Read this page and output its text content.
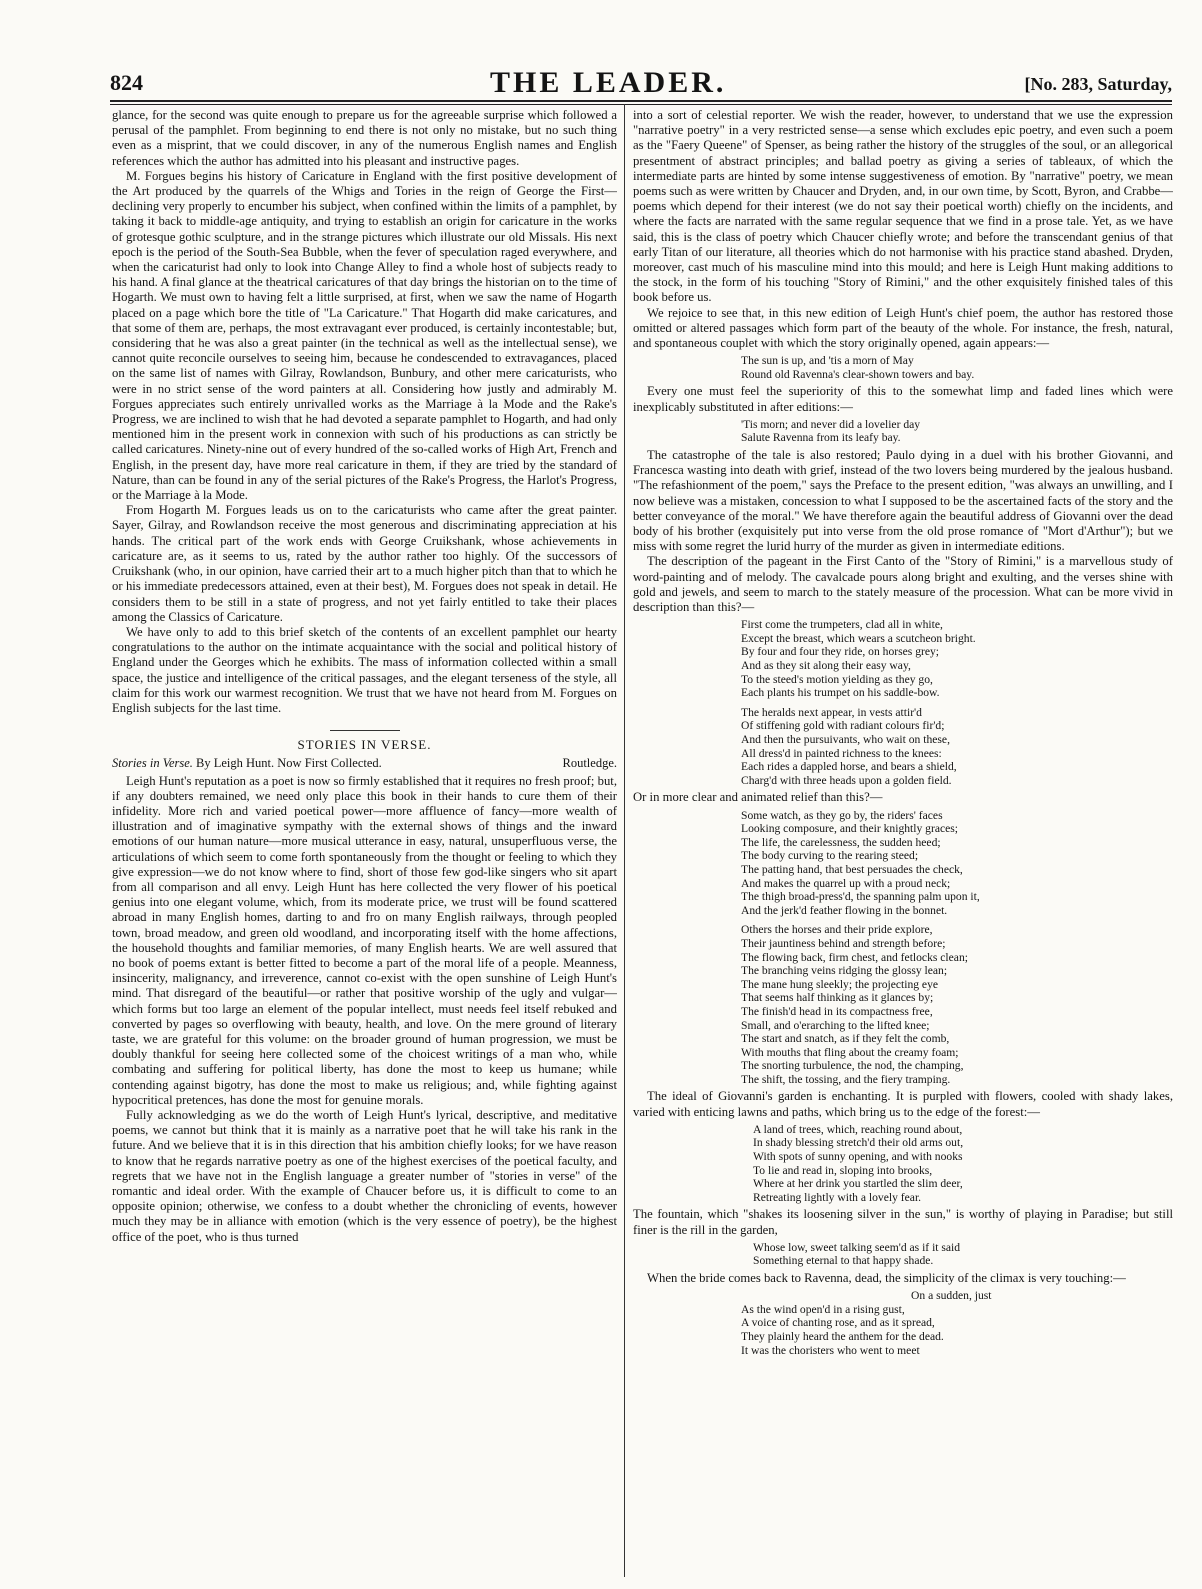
824	THE LEADER.	[No. 283, Saturday,

glance, for the second was quite enough to prepare us for the agreeable surprise which followed a perusal of the pamphlet. From beginning to end there is not only no mistake, but no such thing even as a misprint, that we could discover, in any of the numerous English names and English references which the author has admitted into his pleasant and instructive pages.

M. Forgues begins his history of Caricature in England with the first positive development of the Art produced by the quarrels of the Whigs and Tories in the reign of George the First—declining very properly to encumber his subject, when confined within the limits of a pamphlet, by taking it back to middle-age antiquity, and trying to establish an origin for caricature in the works of grotesque gothic sculpture, and in the strange pictures which illustrate our old Missals. His next epoch is the period of the South-Sea Bubble, when the fever of speculation raged everywhere, and when the caricaturist had only to look into Change Alley to find a whole host of subjects ready to his hand. A final glance at the theatrical caricatures of that day brings the historian on to the time of Hogarth. We must own to having felt a little surprised, at first, when we saw the name of Hogarth placed on a page which bore the title of "La Caricature." That Hogarth did make caricatures, and that some of them are, perhaps, the most extravagant ever produced, is certainly incontestable; but, considering that he was also a great painter (in the technical as well as the intellectual sense), we cannot quite reconcile ourselves to seeing him, because he condescended to extravagances, placed on the same list of names with Gilray, Rowlandson, Bunbury, and other mere caricaturists, who were in no strict sense of the word painters at all. Considering how justly and admirably M. Forgues appreciates such entirely unrivalled works as the Marriage à la Mode and the Rake's Progress, we are inclined to wish that he had devoted a separate pamphlet to Hogarth, and had only mentioned him in the present work in connexion with such of his productions as can strictly be called caricatures. Ninety-nine out of every hundred of the so-called works of High Art, French and English, in the present day, have more real caricature in them, if they are tried by the standard of Nature, than can be found in any of the serial pictures of the Rake's Progress, the Harlot's Progress, or the Marriage à la Mode.

From Hogarth M. Forgues leads us on to the caricaturists who came after the great painter. Sayer, Gilray, and Rowlandson receive the most generous and discriminating appreciation at his hands. The critical part of the work ends with George Cruikshank, whose achievements in caricature are, as it seems to us, rated by the author rather too highly. Of the successors of Cruikshank (who, in our opinion, have carried their art to a much higher pitch than that to which he or his immediate predecessors attained, even at their best), M. Forgues does not speak in detail. He considers them to be still in a state of progress, and not yet fairly entitled to take their places among the Classics of Caricature.

We have only to add to this brief sketch of the contents of an excellent pamphlet our hearty congratulations to the author on the intimate acquaintance with the social and political history of England under the Georges which he exhibits. The mass of information collected within a small space, the justice and intelligence of the critical passages, and the elegant terseness of the style, all claim for this work our warmest recognition. We trust that we have not heard from M. Forgues on English subjects for the last time.

STORIES IN VERSE.
Stories in Verse. By Leigh Hunt. Now First Collected.	Routledge.

Leigh Hunt's reputation as a poet is now so firmly established that it requires no fresh proof; but, if any doubters remained, we need only place this book in their hands to cure them of their infidelity. More rich and varied poetical power—more affluence of fancy—more wealth of illustration and of imaginative sympathy with the external shows of things and the inward emotions of our human nature—more musical utterance in easy, natural, unsuperfluous verse, the articulations of which seem to come forth spontaneously from the thought or feeling to which they give expression—we do not know where to find, short of those few god-like singers who sit apart from all comparison and all envy. Leigh Hunt has here collected the very flower of his poetical genius into one elegant volume, which, from its moderate price, we trust will be found scattered abroad in many English homes, darting to and fro on many English railways, through peopled town, broad meadow, and green old woodland, and incorporating itself with the home affections, the household thoughts and familiar memories, of many English hearts. We are well assured that no book of poems extant is better fitted to become a part of the moral life of a people. Meanness, insincerity, malignancy, and irreverence, cannot co-exist with the open sunshine of Leigh Hunt's mind. That disregard of the beautiful—or rather that positive worship of the ugly and vulgar—which forms but too large an element of the popular intellect, must needs feel itself rebuked and converted by pages so overflowing with beauty, health, and love. On the mere ground of literary taste, we are grateful for this volume: on the broader ground of human progression, we must be doubly thankful for seeing here collected some of the choicest writings of a man who, while combating and suffering for political liberty, has done the most to keep us humane; while contending against bigotry, has done the most to make us religious; and, while fighting against hypocritical pretences, has done the most for genuine morals.

Fully acknowledging as we do the worth of Leigh Hunt's lyrical, descriptive, and meditative poems, we cannot but think that it is mainly as a narrative poet that he will take his rank in the future. And we believe that it is in this direction that his ambition chiefly looks; for we have reason to know that he regards narrative poetry as one of the highest exercises of the poetical faculty, and regrets that we have not in the English language a greater number of "stories in verse" of the romantic and ideal order. With the example of Chaucer before us, it is difficult to come to an opposite opinion; otherwise, we confess to a doubt whether the chronicling of events, however much they may be in alliance with emotion (which is the very essence of poetry), be the highest office of the poet, who is thus turned

into a sort of celestial reporter. We wish the reader, however, to understand that we use the expression "narrative poetry" in a very restricted sense—a sense which excludes epic poetry, and even such a poem as the "Faery Queene" of Spenser, as being rather the history of the struggles of the soul, or an allegorical presentment of abstract principles; and ballad poetry as giving a series of tableaux, of which the intermediate parts are hinted by some intense suggestiveness of emotion. By "narrative" poetry, we mean poems such as were written by Chaucer and Dryden, and, in our own time, by Scott, Byron, and Crabbe—poems which depend for their interest (we do not say their poetical worth) chiefly on the incidents, and where the facts are narrated with the same regular sequence that we find in a prose tale. Yet, as we have said, this is the class of poetry which Chaucer chiefly wrote; and before the transcendant genius of that early Titan of our literature, all theories which do not harmonise with his practice stand abashed. Dryden, moreover, cast much of his masculine mind into this mould; and here is Leigh Hunt making additions to the stock, in the form of his touching "Story of Rimini," and the other exquisitely finished tales of this book before us.

We rejoice to see that, in this new edition of Leigh Hunt's chief poem, the author has restored those omitted or altered passages which form part of the beauty of the whole. For instance, the fresh, natural, and spontaneous couplet with which the story originally opened, again appears:—

The sun is up, and 'tis a morn of May
Round old Ravenna's clear-shown towers and bay.

Every one must feel the superiority of this to the somewhat limp and faded lines which were inexplicably substituted in after editions:—

'Tis morn; and never did a lovelier day
Salute Ravenna from its leafy bay.

The catastrophe of the tale is also restored; Paulo dying in a duel with his brother Giovanni, and Francesca wasting into death with grief, instead of the two lovers being murdered by the jealous husband. "The refashionment of the poem," says the Preface to the present edition, "was always an unwilling, and I now believe was a mistaken, concession to what I supposed to be the ascertained facts of the story and the better conveyance of the moral." We have therefore again the beautiful address of Giovanni over the dead body of his brother (exquisitely put into verse from the old prose romance of "Mort d'Arthur"); but we miss with some regret the lurid hurry of the murder as given in intermediate editions.

The description of the pageant in the First Canto of the "Story of Rimini," is a marvellous study of word-painting and of melody. The cavalcade pours along bright and exulting, and the verses shine with gold and jewels, and seem to march to the stately measure of the procession. What can be more vivid in description than this?—

First come the trumpeters, clad all in white,
Except the breast, which wears a scutcheon bright.
By four and four they ride, on horses grey;
And as they sit along their easy way,
To the steed's motion yielding as they go,
Each plants his trumpet on his saddle-bow.
The heralds next appear, in vests attir'd
Of stiffening gold with radiant colours fir'd;
And then the pursuivants, who wait on these,
All dress'd in painted richness to the knees:
Each rides a dappled horse, and bears a shield,
Charg'd with three heads upon a golden field.

Or in more clear and animated relief than this?—

Some watch, as they go by, the riders' faces
Looking composure, and their knightly graces;
The life, the carelessness, the sudden heed;
The body curving to the rearing steed;
The patting hand, that best persuades the check,
And makes the quarrel up with a proud neck;
The thigh broad-press'd, the spanning palm upon it,
And the jerk'd feather flowing in the bonnet.
Others the horses and their pride explore,
Their jauntiness behind and strength before;
The flowing back, firm chest, and fetlocks clean;
The branching veins ridging the glossy lean;
The mane hung sleekly; the projecting eye
That seems half thinking as it glances by;
The finish'd head in its compactness free,
Small, and o'erarching to the lifted knee;
The start and snatch, as if they felt the comb,
With mouths that fling about the creamy foam;
The snorting turbulence, the nod, the champing,
The shift, the tossing, and the fiery tramping.

The ideal of Giovanni's garden is enchanting. It is purpled with flowers, cooled with shady lakes, varied with enticing lawns and paths, which bring us to the edge of the forest:—

A land of trees, which, reaching round about,
In shady blessing stretch'd their old arms out,
With spots of sunny opening, and with nooks
To lie and read in, sloping into brooks,
Where at her drink you startled the slim deer,
Retreating lightly with a lovely fear.

The fountain, which "shakes its loosening silver in the sun," is worthy of playing in Paradise; but still finer is the rill in the garden,

Whose low, sweet talking seem'd as if it said
Something eternal to that happy shade.

When the bride comes back to Ravenna, dead, the simplicity of the climax is very touching:—

On a sudden, just
As the wind open'd in a rising gust,
A voice of chanting rose, and as it spread,
They plainly heard the anthem for the dead.
It was the choristers who went to meet
